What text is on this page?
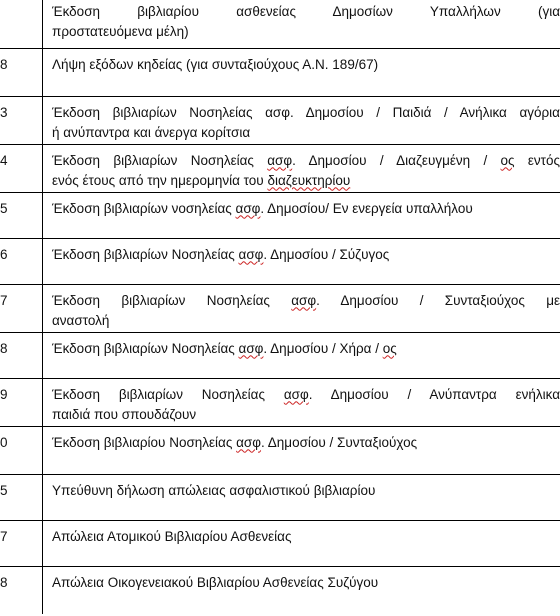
	Έκδοση βιβλιαρίου ασθενείας Δημοσίων Υπαλλήλων (για
προστατευόμενα μέλη)

8	Λήψη εξόδων κηδείας (για συνταξιούχους Α.Ν. 189/67)

3	Έκδοση βιβλιαρίων Νοσηλείας ασφ. Δημοσίου / Παιδιά / Ανήλικα αγόρια
ή ανύπαντρα και άνεργα κορίτσια

4	Έκδοση βιβλιαρίων Νοσηλείας ασφ. Δημοσίου / Διαζευγμένη / ος εντός
ενός έτους από την ημερομηνία του διαζευκτηρίου

5	Έκδοση βιβλιαρίων νοσηλείας ασφ. Δημοσίου/ Εν ενεργεία υπαλλήλου

6	Έκδοση βιβλιαρίων Νοσηλείας ασφ. Δημοσίου / Σύζυγος

7	Έκδοση βιβλιαρίων Νοσηλείας ασφ. Δημοσίου / Συνταξιούχος με
αναστολή

8	Έκδοση βιβλιαρίων Νοσηλείας ασφ. Δημοσίου / Χήρα / ος

9	Έκδοση βιβλιαρίων Νοσηλείας ασφ. Δημοσίου / Ανύπαντρα ενήλικα
παιδιά που σπουδάζουν

0	Έκδοση βιβλιαρίου Νοσηλείας ασφ. Δημοσίου / Συνταξιούχος

5	Υπεύθυνη δήλωση απώλειας ασφαλιστικού βιβλιαρίου

7	Απώλεια Ατομικού Βιβλιαρίου Ασθενείας

8	Απώλεια Οικογενειακού Βιβλιαρίου Ασθενείας Συζύγου
